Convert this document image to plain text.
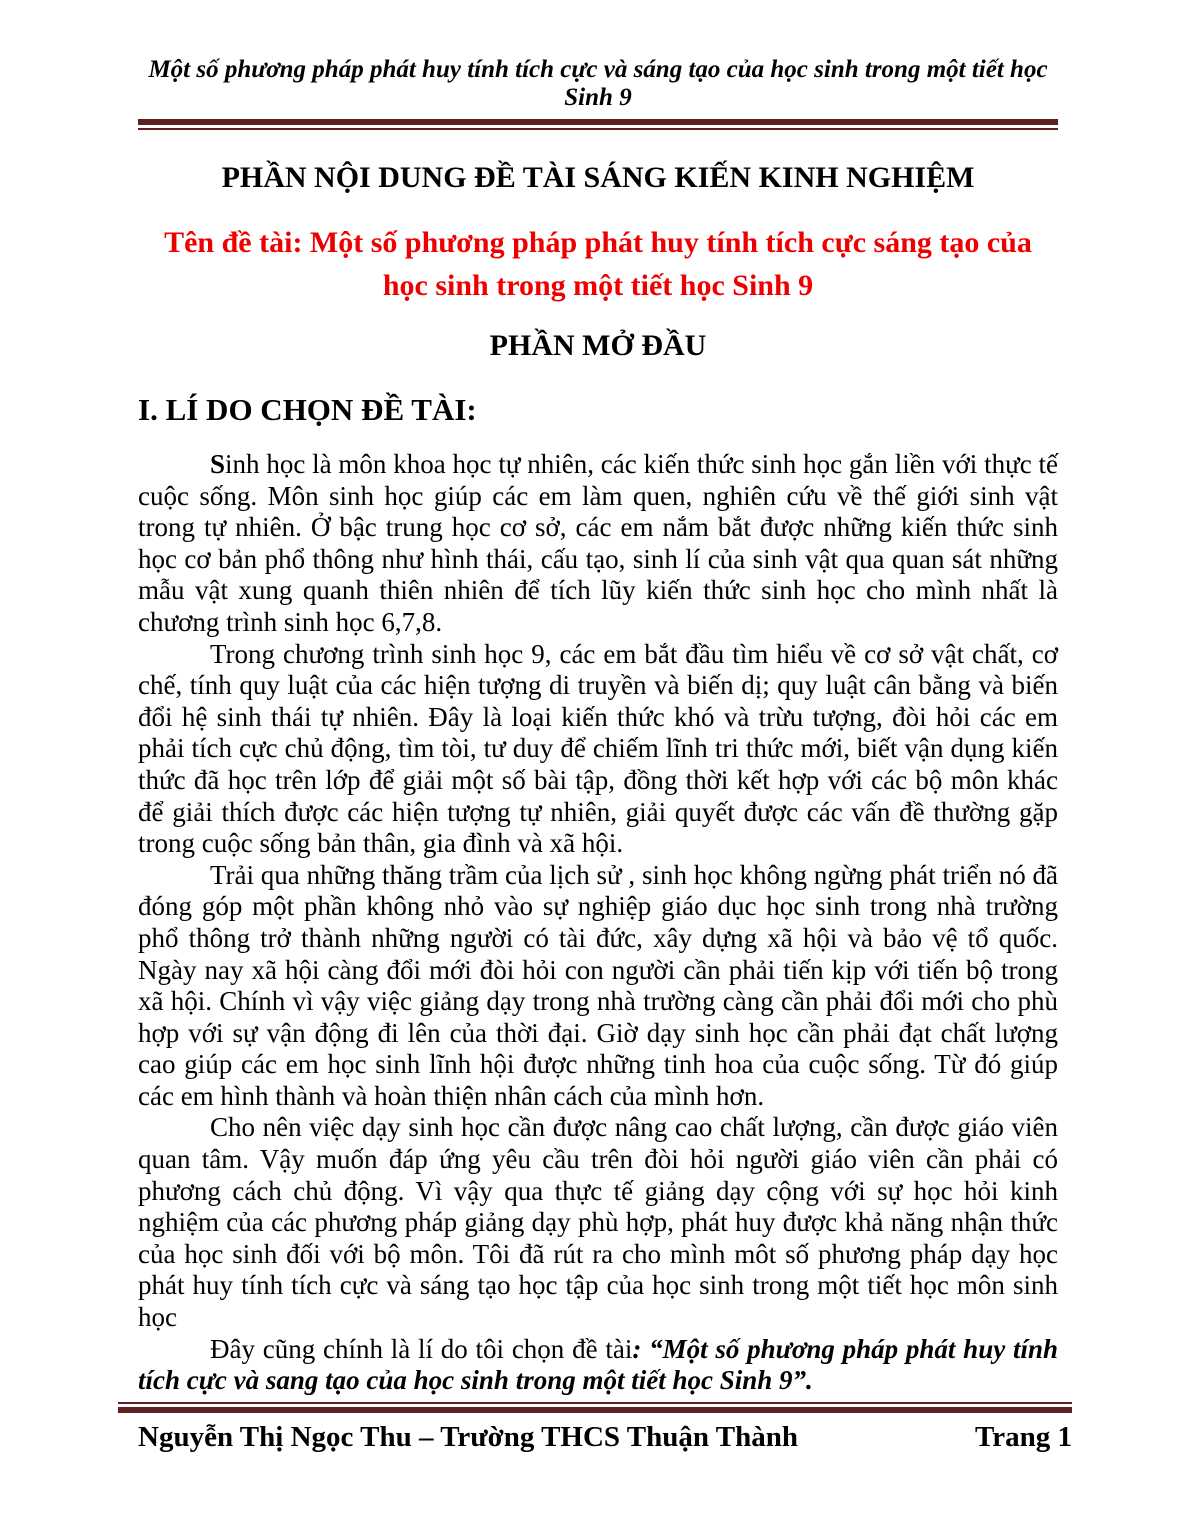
Một số phương pháp phát huy tính tích cực và sáng tạo của học sinh trong một tiết học Sinh 9
PHẦN NỘI DUNG ĐỀ TÀI SÁNG KIẾN KINH NGHIỆM
Tên đề tài: Một số phương pháp phát huy tính tích cực sáng tạo của học sinh trong một tiết học Sinh 9
PHẦN MỞ ĐẦU
I. LÍ DO CHỌN ĐỀ TÀI:

Sinh học là môn khoa học tự nhiên, các kiến thức sinh học gắn liền với thực tế cuộc sống. Môn sinh học giúp các em làm quen, nghiên cứu về thế giới sinh vật trong tự nhiên. Ở bậc trung học cơ sở, các em nắm bắt được những kiến thức sinh học cơ bản phổ thông như hình thái, cấu tạo, sinh lí của sinh vật qua quan sát những mẫu vật xung quanh thiên nhiên để tích lũy kiến thức sinh học cho mình nhất là chương trình sinh học 6,7,8.

Trong chương trình sinh học 9, các em bắt đầu tìm hiểu về cơ sở vật chất, cơ chế, tính quy luật của các hiện tượng di truyền và biến dị; quy luật cân bằng và biến đổi hệ sinh thái tự nhiên. Đây là loại kiến thức khó và trừu tượng, đòi hỏi các em phải tích cực chủ động, tìm tòi, tư duy để chiếm lĩnh tri thức mới, biết vận dụng kiến thức đã học trên lớp để giải một số bài tập, đồng thời kết hợp với các bộ môn khác để giải thích được các hiện tượng tự nhiên, giải quyết được các vấn đề thường gặp trong cuộc sống bản thân, gia đình và xã hội.

Trải qua những thăng trầm của lịch sử , sinh học không ngừng phát triển nó đã đóng góp một phần không nhỏ vào sự nghiệp giáo dục học sinh trong nhà trường phổ thông trở thành những người có tài đức, xây dựng xã hội và bảo vệ tổ quốc. Ngày nay xã hội càng đổi mới đòi hỏi con người cần phải tiến kịp với tiến bộ trong xã hội. Chính vì vậy việc giảng dạy trong nhà trường càng cần phải đổi mới cho phù hợp với sự vận động đi lên của thời đại. Giờ dạy sinh học cần phải đạt chất lượng cao giúp các em học sinh lĩnh hội được những tinh hoa của cuộc sống. Từ đó giúp các em hình thành và hoàn thiện nhân cách của mình hơn.

Cho nên việc dạy sinh học cần được nâng cao chất lượng, cần được giáo viên quan tâm. Vậy muốn đáp ứng yêu cầu trên đòi hỏi người giáo viên cần phải có phương cách chủ động. Vì vậy qua thực tế giảng dạy cộng với sự học hỏi kinh nghiệm của các phương pháp giảng dạy phù hợp, phát huy được khả năng nhận thức của học sinh đối với bộ môn. Tôi đã rút ra cho mình môt số phương pháp dạy học phát huy tính tích cực và sáng tạo học tập của học sinh trong một tiết học môn sinh học

Đây cũng chính là lí do tôi chọn đề tài: “Một số phương pháp phát huy tính tích cực và sang tạo của học sinh trong một tiết học Sinh 9”.

Nguyễn Thị Ngọc Thu – Trường THCS Thuận Thành	Trang 1
